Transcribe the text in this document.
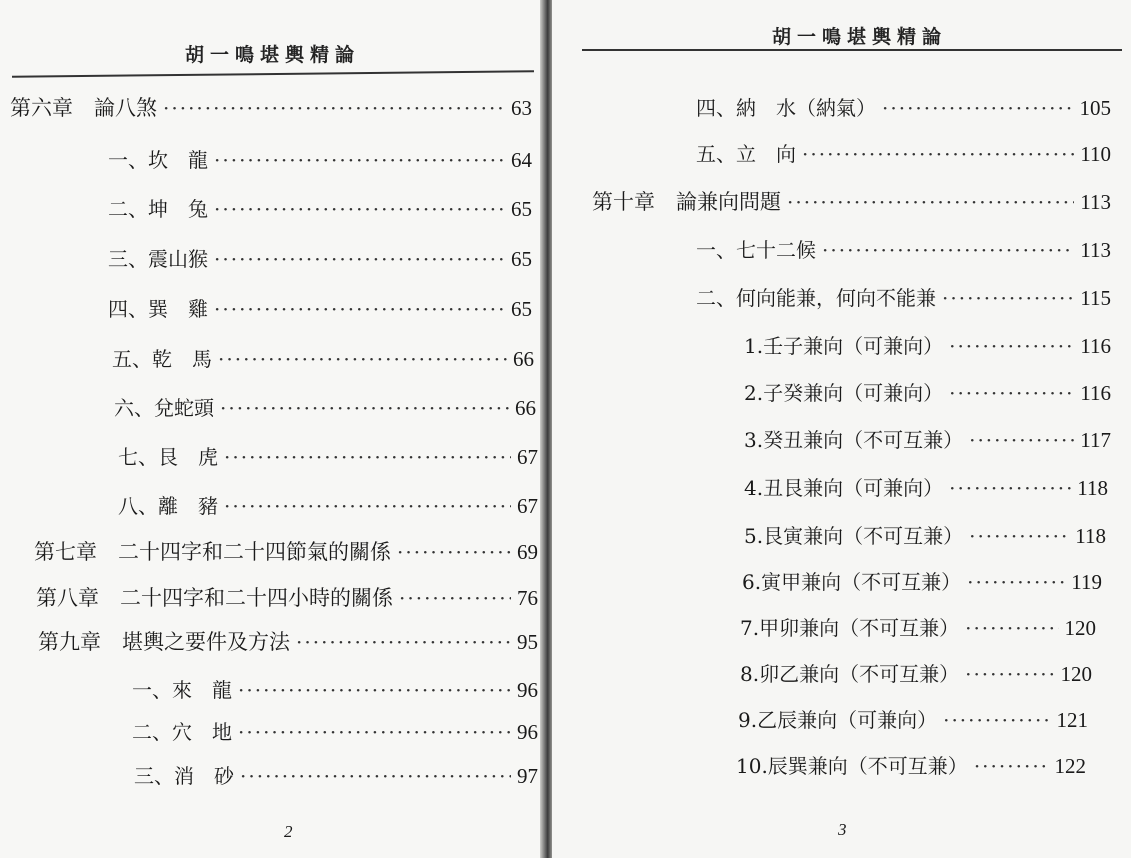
胡一鳴堪輿精論
第六章　論八煞 ·····	63
一、坎　龍 ·····	64
二、坤　兔 ·····	65
三、震山猴 ·····	65
四、巽　雞 ·····	65
五、乾　馬 ·····	66
六、兌蛇頭 ·····	66
七、艮　虎 ·····	67
八、離　豬 ·····	67
第七章　二十四字和二十四節氣的關係 ·····	69
第八章　二十四字和二十四小時的關係 ·····	76
第九章　堪輿之要件及方法 ·····	95
一、來　龍 ·····	96
二、穴　地 ·····	96
三、消　砂 ·····	97
2
胡一鳴堪輿精論
四、納　水（納氣） ·····	105
五、立　向 ·····	110
第十章　論兼向問題 ·····	113
一、七十二候 ·····	113
二、何向能兼，何向不能兼 ·····	115
1.壬子兼向（可兼向） ·····	116
2.子癸兼向（可兼向） ·····	116
3.癸丑兼向（不可互兼） ·····	117
4.丑艮兼向（可兼向） ·····	118
5.艮寅兼向（不可互兼） ·····	118
6.寅甲兼向（不可互兼） ·····	119
7.甲卯兼向（不可互兼） ·····	120
8.卯乙兼向（不可互兼） ·····	120
9.乙辰兼向（可兼向） ·····	121
10.辰巽兼向（不可互兼） ·····	122
3
